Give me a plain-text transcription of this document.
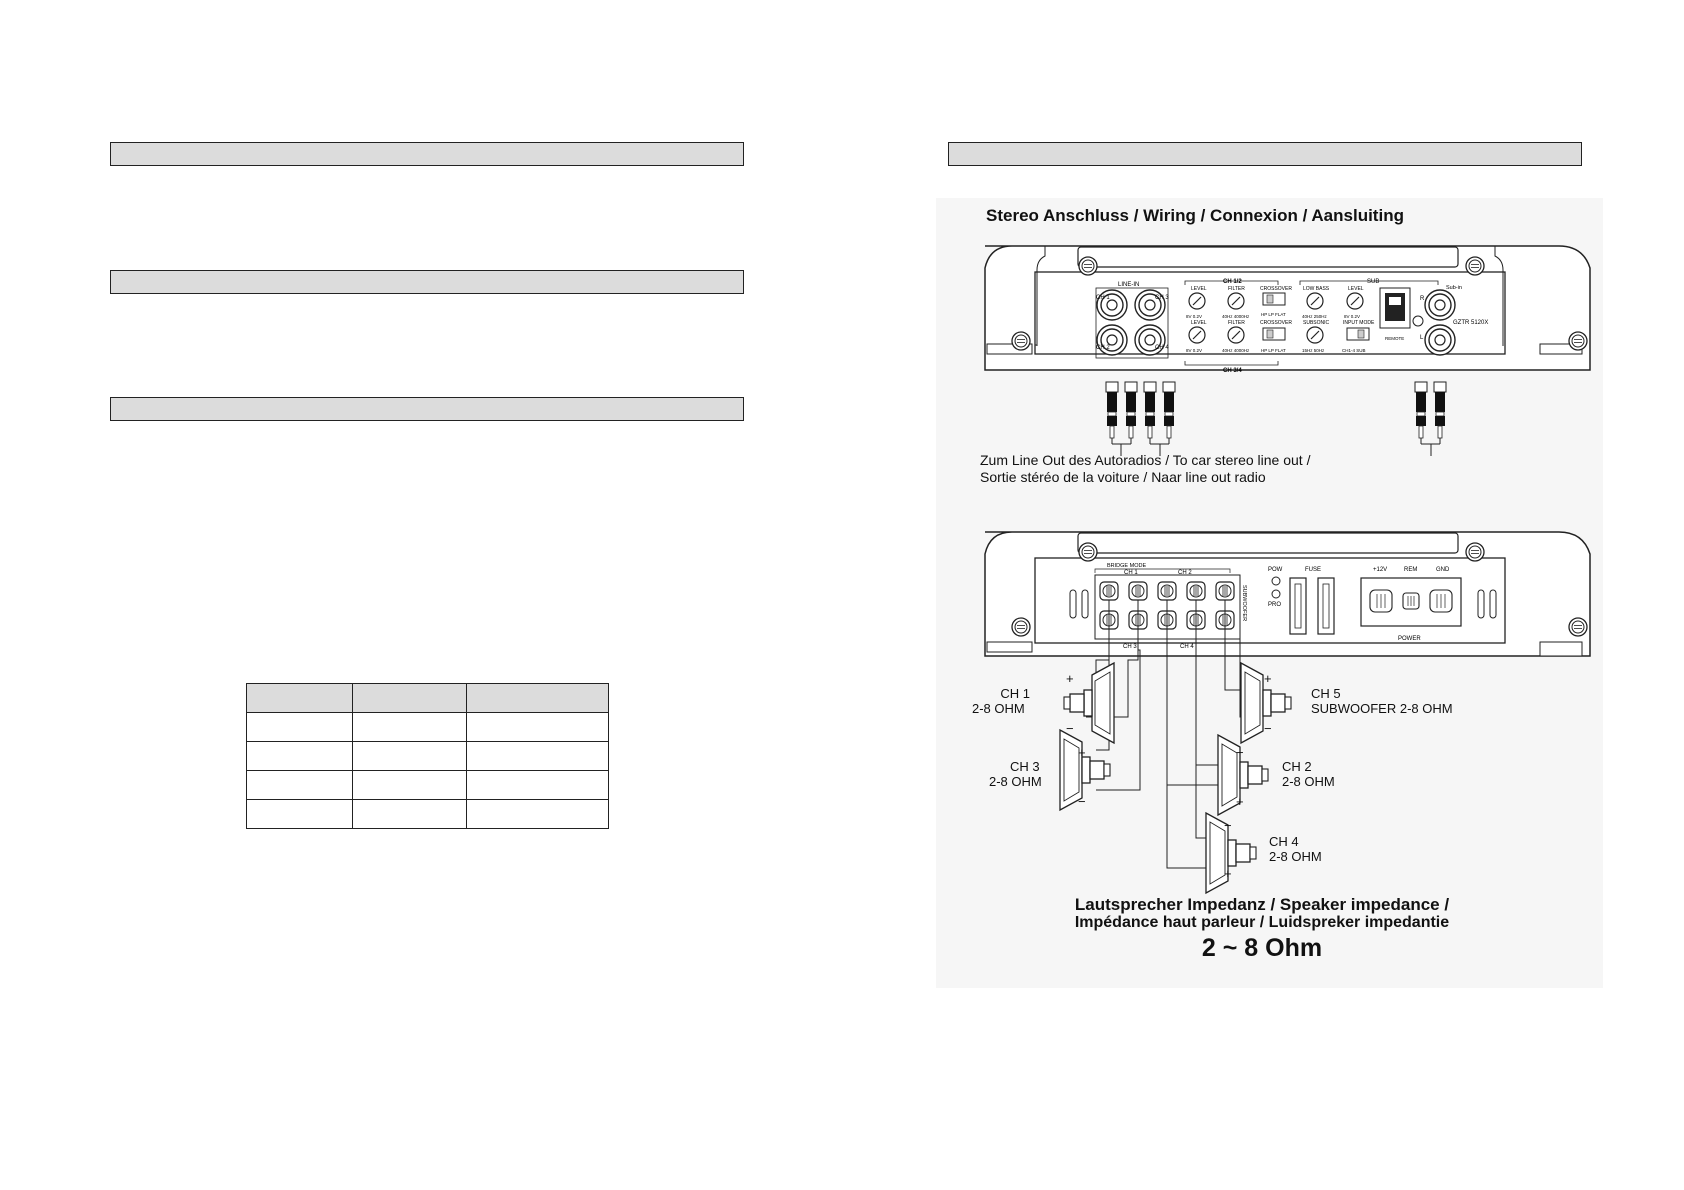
Stereo Anschluss / Wiring / Connexion / Aansluiting
CH 1
LINE-IN
CH 3
CH 2	CH 4
CH 1/2
CH 3/4
LEVEL
8V 0.2V
LEVEL
8V 0.2V
FILTER
40Hz 4000Hz
FILTER
40Hz 4000Hz
CROSSOVER
HP LP FLAT
CROSSOVER
HP LP FLAT
SUB
LOW BASS
40Hz 250Hz
SUBSONIC
15Hz 50Hz
LEVEL
8V 0.2V
INPUT MODE
CH1-4 SUB
REMOTE
Sub-in
R
L
GZTR 5120X
BRIDGE MODE
CH 1	CH 2
SUBWOOFER
CH 3	CH 4
POW
PRO
FUSE	+12V	REM	GND
POWER
+
−
+
−
+
−
−
+
−
+
Zum Line Out des Autoradios / To car stereo line out /
Sortie stéréo de la voiture / Naar line out radio
CH 1
2-8 OHM
CH 3
2-8 OHM
CH 5
SUBWOOFER 2-8 OHM
CH 2
2-8 OHM
CH 4
2-8 OHM
Lautsprecher Impedanz / Speaker impedance /
Impédance haut parleur / Luidspreker impedantie
2 ~ 8 Ohm
